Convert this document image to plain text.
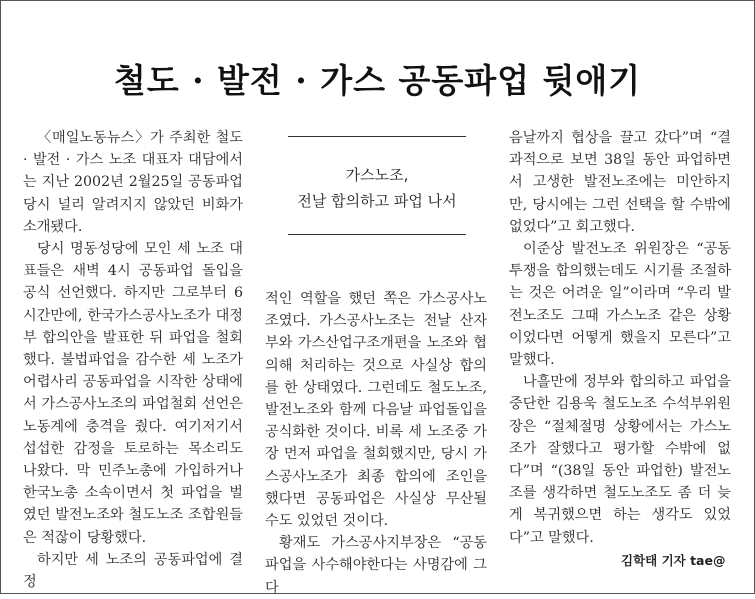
철도 · 발전 · 가스 공동파업 뒷애기

〈매일노동뉴스〉가 주최한 철도 · 발전 · 가스 노조 대표자 대담에서는 지난 2002년 2월25일 공동파업 당시 널리 알려지지 않았던 비화가 소개됐다.

당시 명동성당에 모인 세 노조 대표들은 새벽 4시 공동파업 돌입을 공식 선언했다. 하지만 그로부터 6시간만에, 한국가스공사노조가 대정부 합의안을 발표한 뒤 파업을 철회했다. 불법파업을 감수한 세 노조가 어렵사리 공동파업을 시작한 상태에서 가스공사노조의 파업철회 선언은 노동계에 충격을 줬다. 여기저기서 섭섭한 감정을 토로하는 목소리도 나왔다. 막 민주노총에 가입하거나 한국노총 소속이면서 첫 파업을 벌였던 발전노조와 철도노조 조합원들은 적잖이 당황했다.

하지만 세 노조의 공동파업에 결정

가스노조,
전날 합의하고 파업 나서

적인 역할을 했던 쪽은 가스공사노조였다. 가스공사노조는 전날 산자부와 가스산업구조개편을 노조와 협의해 처리하는 것으로 사실상 합의를 한 상태였다. 그런데도 철도노조, 발전노조와 함께 다음날 파업돌입을 공식화한 것이다. 비록 세 노조중 가장 먼저 파업을 철회했지만, 당시 가스공사노조가 최종 합의에 조인을 했다면 공동파업은 사실상 무산될 수도 있었던 것이다.

황재도 가스공사지부장은 “공동파업을 사수해야한다는 사명감에 그 다

음날까지 협상을 끌고 갔다”며 “결과적으로 보면 38일 동안 파업하면서 고생한 발전노조에는 미안하지만, 당시에는 그런 선택을 할 수밖에 없었다”고 회고했다.

이준상 발전노조 위원장은 “공동투쟁을 합의했는데도 시기를 조절하는 것은 어려운 일”이라며 “우리 발전노조도 그때 가스노조 같은 상황이었다면 어떻게 했을지 모른다”고 말했다.

나흘만에 정부와 합의하고 파업을 중단한 김용욱 철도노조 수석부위원장은 “절체절명 상황에서는 가스노조가 잘했다고 평가할 수밖에 없다”며 “(38일 동안 파업한) 발전노조를 생각하면 철도노조도 좀 더 늦게 복귀했으면 하는 생각도 있었다”고 말했다.

김학태 기자 tae@
